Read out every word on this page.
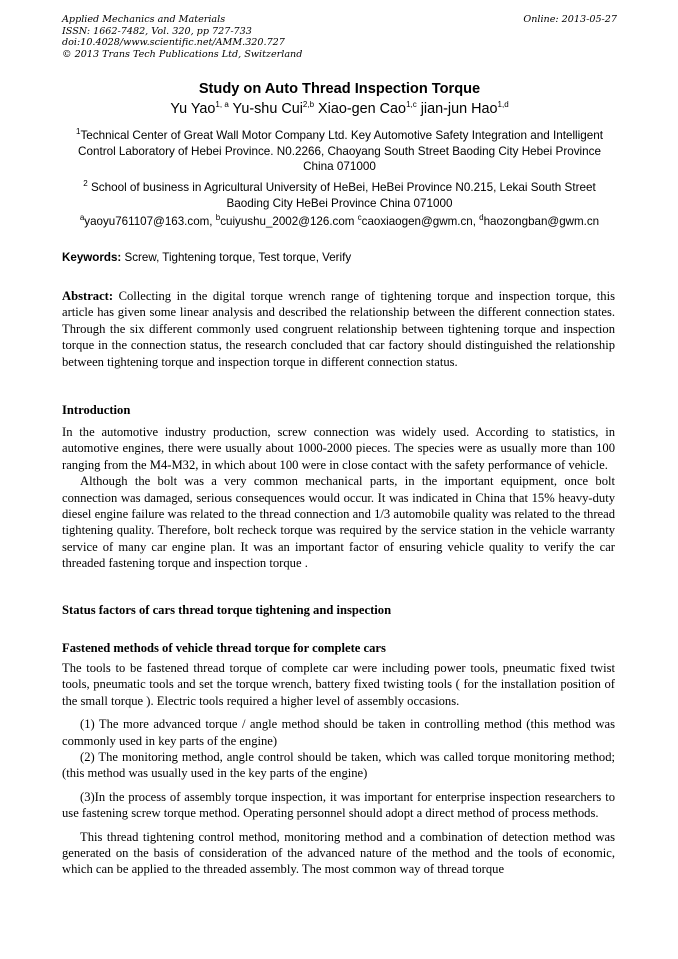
Applied Mechanics and Materials
ISSN: 1662-7482, Vol. 320, pp 727-733
doi:10.4028/www.scientific.net/AMM.320.727
© 2013 Trans Tech Publications Ltd, Switzerland
Online: 2013-05-27
Study on Auto Thread Inspection Torque
Yu Yao$^{1, a}$ Yu-shu Cui$^{2,b}$ Xiao-gen Cao$^{1,c}$ jian-jun Hao$^{1,d}$
$^1$Technical Center of Great Wall Motor Company Ltd. Key Automotive Safety Integration and Intelligent Control Laboratory of Hebei Province. N0.2266, Chaoyang South Street Baoding City Hebei Province China 071000
$^2$ School of business in Agricultural University of HeBei, HeBei Province N0.215, Lekai South Street Baoding City HeBei Province China 071000
$^a$yaoyu761107@163.com, $^b$cuiyushu_2002@126.com $^c$caoxiaogen@gwm.cn, $^d$haozongban@gwm.cn
Keywords: Screw, Tightening torque, Test torque, Verify
Abstract: Collecting in the digital torque wrench range of tightening torque and inspection torque, this article has given some linear analysis and described the relationship between the different connection states. Through the six different commonly used congruent relationship between tightening torque and inspection torque in the connection status, the research concluded that car factory should distinguished the relationship between tightening torque and inspection torque in different connection status.
Introduction

In the automotive industry production, screw connection was widely used. According to statistics, in automotive engines, there were usually about 1000-2000 pieces. The species were as usually more than 100 ranging from the M4-M32, in which about 100 were in close contact with the safety performance of vehicle.

Although the bolt was a very common mechanical parts, in the important equipment, once bolt connection was damaged, serious consequences would occur. It was indicated in China that 15% heavy-duty diesel engine failure was related to the thread connection and 1/3 automobile quality was related to the thread tightening quality. Therefore, bolt recheck torque was required by the service station in the vehicle warranty service of many car engine plan. It was an important factor of ensuring vehicle quality to verify the car threaded fastening torque and inspection torque .

Status factors of cars thread torque tightening and inspection
Fastened methods of vehicle thread torque for complete cars

The tools to be fastened thread torque of complete car were including power tools, pneumatic fixed twist tools, pneumatic tools and set the torque wrench, battery fixed twisting tools ( for the installation position of the small torque ). Electric tools required a higher level of assembly occasions.

(1) The more advanced torque / angle method should be taken in controlling method (this method was commonly used in key parts of the engine)

(2) The monitoring method, angle control should be taken, which was called torque monitoring method; (this method was usually used in the key parts of the engine)

(3)In the process of assembly torque inspection, it was important for enterprise inspection researchers to use fastening screw torque method. Operating personnel should adopt a direct method of process methods.

This thread tightening control method, monitoring method and a combination of detection method was generated on the basis of consideration of the advanced nature of the method and the tools of economic, which can be applied to the threaded assembly. The most common way of thread torque
